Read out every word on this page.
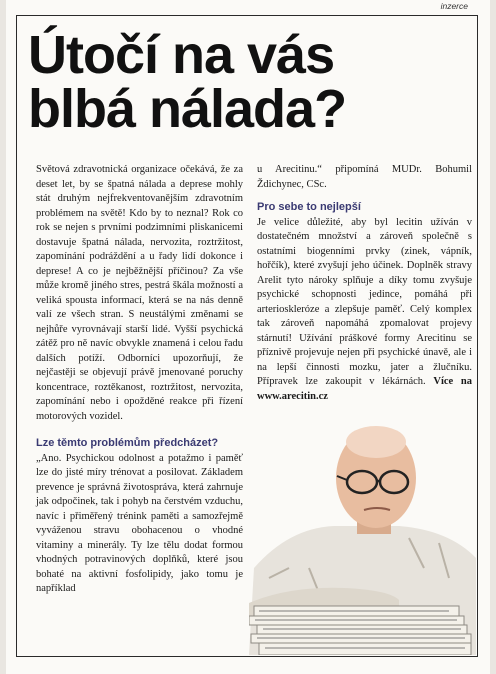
inzerce
Útočí na vás
blbá nálada?

Světová zdravotnická organizace očekává, že za deset let, by se špatná nálada a deprese mohly stát druhým nejfrekventovanějším zdravotním problémem na světě! Kdo by to neznal? Rok co rok se nejen s prvními podzimními pliskanicemi dostavuje špatná nálada, nervozita, roztržitost, zapomínání podráždění a u řady lidí dokonce i deprese! A co je nejběžnější příčinou? Za vše může kromě jiného stres, pestrá škála možností a veliká spousta informací, která se na nás denně valí ze všech stran. S neustálými změnami se nejhůře vyrovnávají starší lidé. Vyšší psychická zátěž pro ně navíc obvykle znamená i celou řadu dalších potíží. Odborníci upozorňují, že nejčastěji se objevují právě jmenované poruchy koncentrace, roztěkanost, roztržitost, nervozita, zapomínání nebo i opožděné reakce při řízení motorových vozidel.

Lze těmto problémům předcházet?

„Ano. Psychickou odolnost a potažmo i paměť lze do jisté míry trénovat a posilovat. Základem prevence je správná životospráva, která zahrnuje jak odpočinek, tak i pohyb na čerstvém vzduchu, navíc i přiměřený trénink paměti a samozřejmě vyváženou stravu obohacenou o vhodné vitaminy a minerály. Ty lze tělu dodat formou vhodných potravinových doplňků, které jsou bohaté na aktivní fosfolipidy, jako tomu je například

u Arecitinu.“ připomíná MUDr. Bohumil Ždichynec, CSc.

Pro sebe to nejlepší

Je velice důležité, aby byl lecitin užíván v dostatečném množství a zároveň společně s ostatními biogenními prvky (zinek, vápník, hořčík), které zvyšují jeho účinek. Doplněk stravy Arelit tyto nároky splňuje a díky tomu zvyšuje psychické schopnosti jedince, pomáhá při arterioskleróze a zlepšuje paměť. Celý komplex tak zároveň napomáhá zpomalovat projevy stárnutí! Užívání práškové formy Arecitinu se příznivě projevuje nejen při psychické únavě, ale i na lepší činnosti mozku, jater a žlučníku. Přípravek lze zakoupit v lékárnách. Více na www.arecitin.cz
